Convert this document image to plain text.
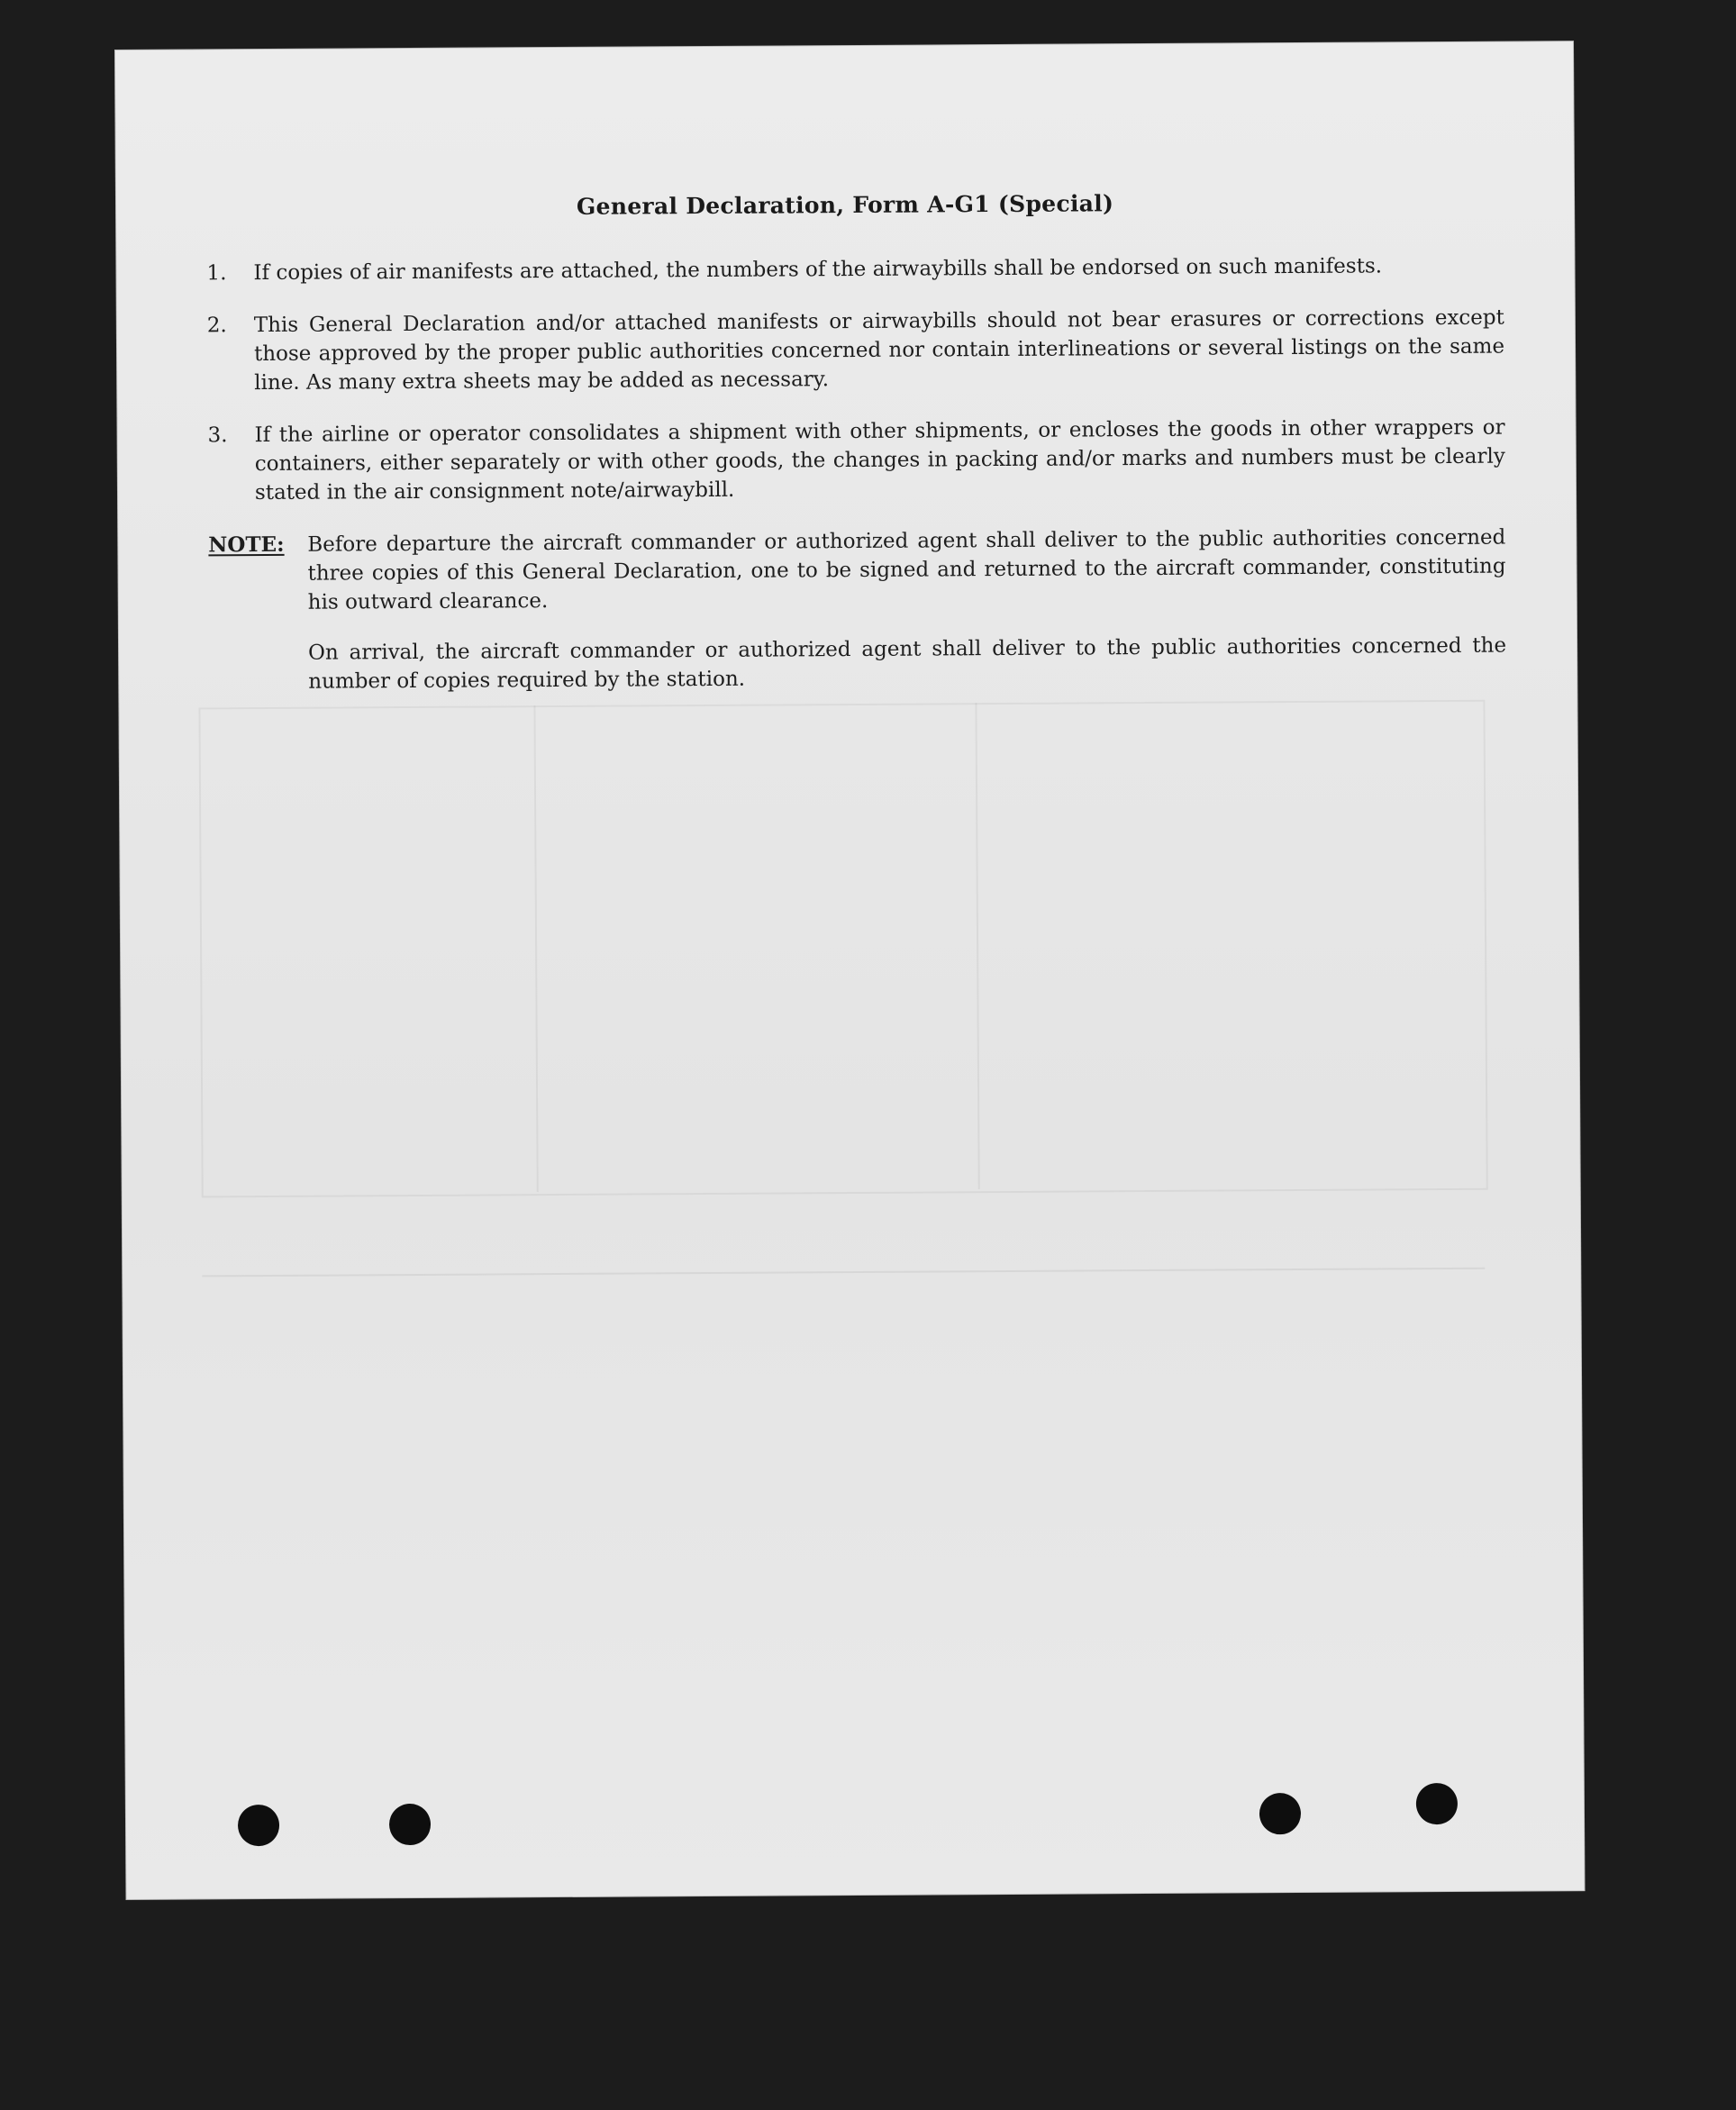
General Declaration, Form A-G1 (Special)
1.	If copies of air manifests are attached, the numbers of the airwaybills shall be endorsed on such manifests.
2.	This General Declaration and/or attached manifests or airwaybills should not bear erasures or corrections except those approved by the proper public authorities concerned nor contain interlineations or several listings on the same line. As many extra sheets may be added as necessary.
3.	If the airline or operator consolidates a shipment with other shipments, or encloses the goods in other wrappers or containers, either separately or with other goods, the changes in packing and/or marks and numbers must be clearly stated in the air consignment note/airwaybill.
NOTE:	Before departure the aircraft commander or authorized agent shall deliver to the public authorities concerned three copies of this General Declaration, one to be signed and returned to the aircraft commander, constituting his outward clearance.

On arrival, the aircraft commander or authorized agent shall deliver to the public authorities concerned the number of copies required by the station.
